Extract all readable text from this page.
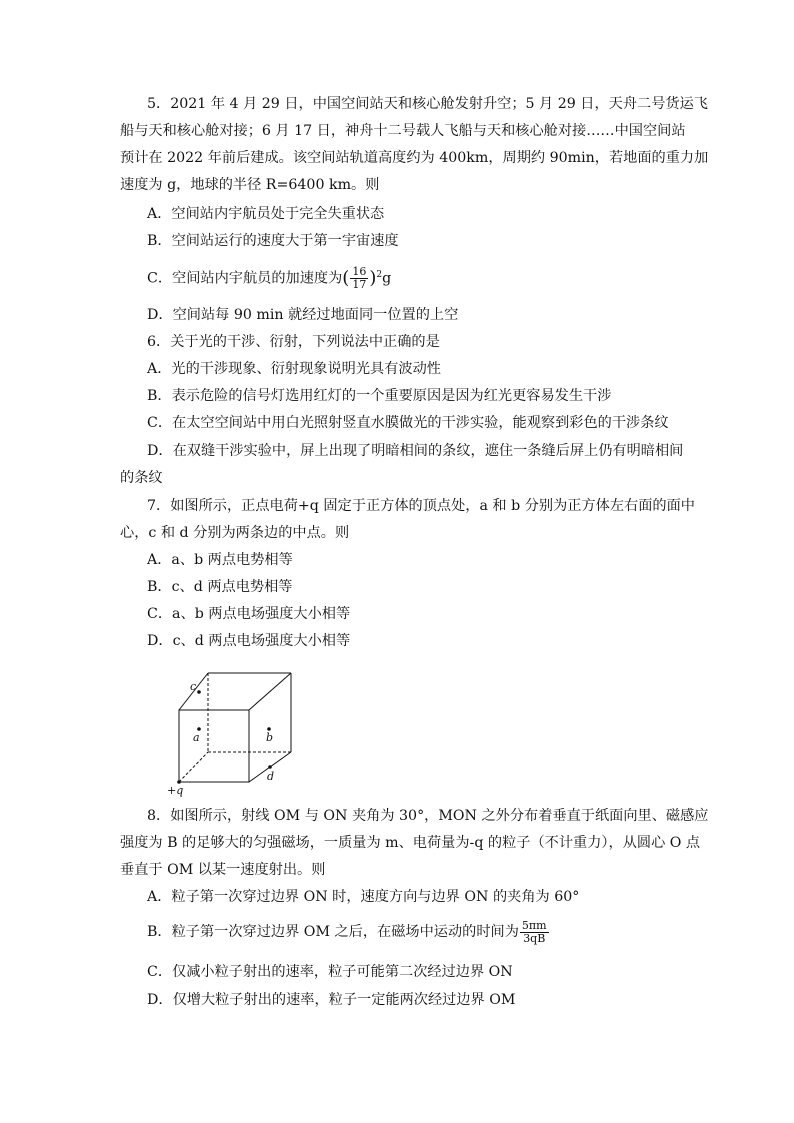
5．2021 年 4 月 29 日，中国空间站天和核心舱发射升空；5 月 29 日，天舟二号货运飞
船与天和核心舱对接；6 月 17 日，神舟十二号载人飞船与天和核心舱对接……中国空间站
预计在 2022 年前后建成。该空间站轨道高度约为 400km，周期约 90min，若地面的重力加
速度为 g，地球的半径 R=6400 km。则
A．空间站内宇航员处于完全失重状态
B．空间站运行的速度大于第一宇宙速度
C．空间站内宇航员的加速度为( $\frac{16}{17} )^2g$
D．空间站每 90 min 就经过地面同一位置的上空
6．关于光的干涉、衍射，下列说法中正确的是
A．光的干涉现象、衍射现象说明光具有波动性
B．表示危险的信号灯选用红灯的一个重要原因是因为红光更容易发生干涉
C．在太空空间站中用白光照射竖直水膜做光的干涉实验，能观察到彩色的干涉条纹
D．在双缝干涉实验中，屏上出现了明暗相间的条纹，遮住一条缝后屏上仍有明暗相间
的条纹
7．如图所示，正点电荷+q 固定于正方体的顶点处，a 和 b 分别为正方体左右面的面中
心，c 和 d 分别为两条边的中点。则
A．a、b 两点电势相等
B．c、d 两点电势相等
C．a、b 两点电场强度大小相等
D．c、d 两点电场强度大小相等
c
a	b
d
+q
8．如图所示，射线 OM 与 ON 夹角为 30°，MON 之外分布着垂直于纸面向里、磁感应
强度为 B 的足够大的匀强磁场，一质量为 m、电荷量为-q 的粒子（不计重力），从圆心 O 点
垂直于 OM 以某一速度射出。则
A．粒子第一次穿过边界 ON 时，速度方向与边界 ON 的夹角为 60°
B．粒子第一次穿过边界 OM 之后，在磁场中运动的时间为 $\frac{5\pi m}{3qB}$
C．仅减小粒子射出的速率，粒子可能第二次经过边界 ON
D．仅增大粒子射出的速率，粒子一定能两次经过边界 OM
